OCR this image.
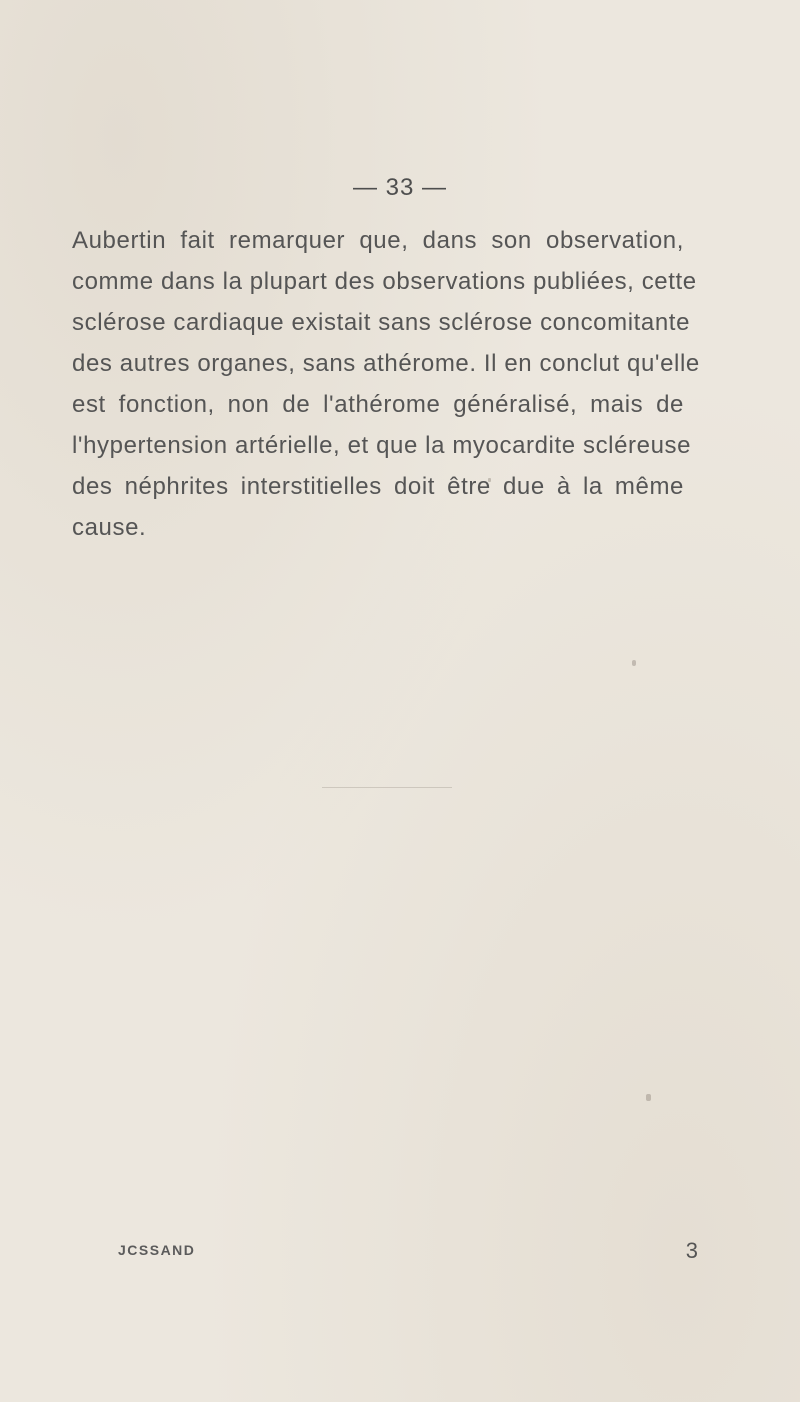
— 33 —

Aubertin fait remarquer que, dans son observation,
comme dans la plupart des observations publiées, cette
sclérose cardiaque existait sans sclérose concomitante
des autres organes, sans athérome. Il en conclut qu'elle
est fonction, non de l'athérome généralisé, mais de
l'hypertension artérielle, et que la myocardite scléreuse
des néphrites interstitielles doit être due à la même
cause.

JCSSAND	3
